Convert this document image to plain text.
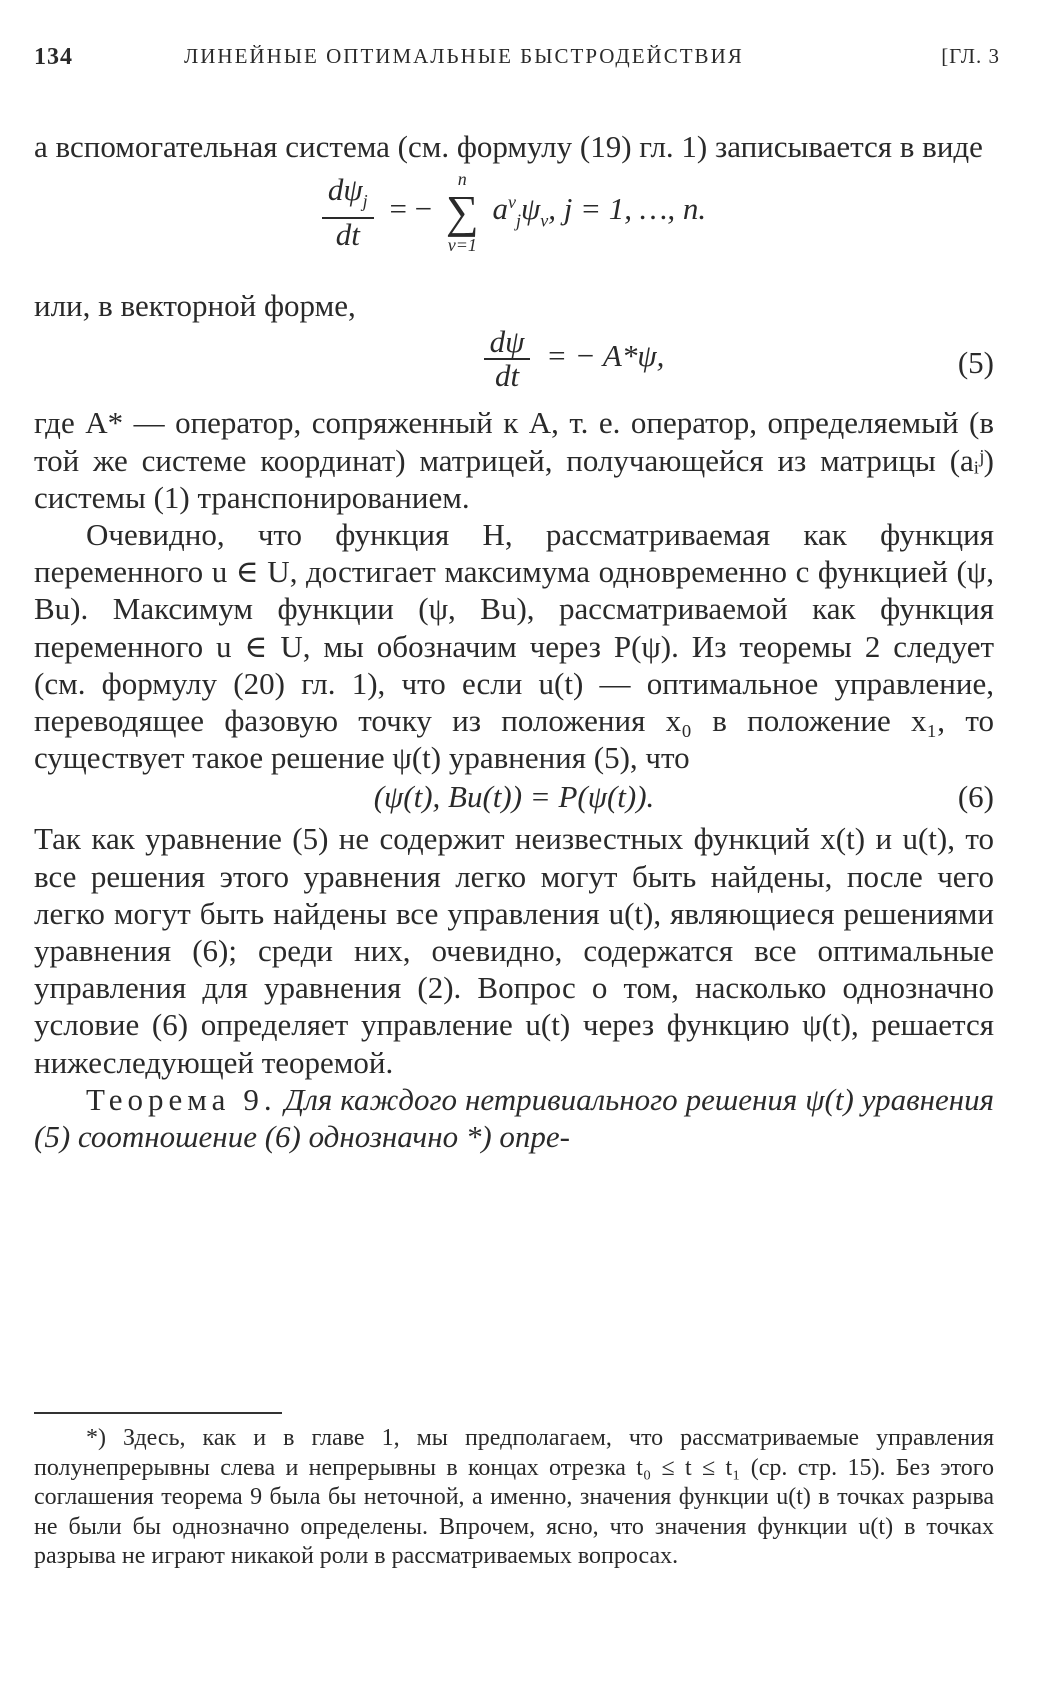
134	ЛИНЕЙНЫЕ ОПТИМАЛЬНЫЕ БЫСТРОДЕЙСТВИЯ	[ГЛ. 3

а вспомогательная система (см. формулу (19) гл. 1) записывается в виде

$\frac{d\psi_j}{dt}$ = −
n
∑
ν=1
$a^\nu_j\psi_\nu$, j = 1, …, n.

или, в векторной форме,

$\frac{d\psi}{dt}$ = − A*ψ,	(5)

где A* — оператор, сопряженный к A, т. е. оператор, определяемый (в той же системе координат) матрицей, получающейся из матрицы (aᵢʲ) системы (1) транспонированием.

Очевидно, что функция H, рассматриваемая как функция переменного u ∈ U, достигает максимума одновременно с функцией (ψ, Bu). Максимум функции (ψ, Bu), рассматриваемой как функция переменного u ∈ U, мы обозначим через P(ψ). Из теоремы 2 следует (см. формулу (20) гл. 1), что если u(t) — оптимальное управление, переводящее фазовую точку из положения x₀ в положение x₁, то существует такое решение ψ(t) уравнения (5), что

(ψ(t), Bu(t)) = P(ψ(t)).	(6)

Так как уравнение (5) не содержит неизвестных функций x(t) и u(t), то все решения этого уравнения легко могут быть найдены, после чего легко могут быть найдены все управления u(t), являющиеся решениями уравнения (6); среди них, очевидно, содержатся все оптимальные управления для уравнения (2). Вопрос о том, насколько однозначно условие (6) определяет управление u(t) через функцию ψ(t), решается нижеследующей теоремой.

Теорема 9. Для каждого нетривиального решения ψ(t) уравнения (5) соотношение (6) однозначно *) опре-

*) Здесь, как и в главе 1, мы предполагаем, что рассматриваемые управления полунепрерывны слева и непрерывны в концах отрезка t₀ ≤ t ≤ t₁ (ср. стр. 15). Без этого соглашения теорема 9 была бы неточной, а именно, значения функции u(t) в точках разрыва не были бы однозначно определены. Впрочем, ясно, что значения функции u(t) в точках разрыва не играют никакой роли в рассматриваемых вопросах.
